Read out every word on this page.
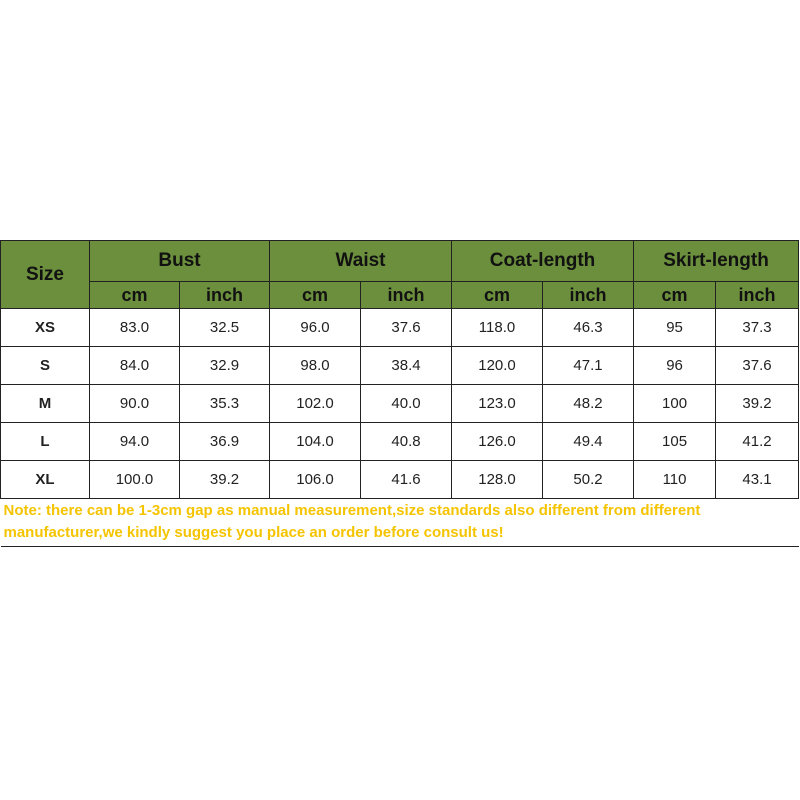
Size	Bust		Waist		Coat-length		Skirt-length	
	cm	inch	cm	inch	cm	inch	cm	inch
XS	83.0	32.5	96.0	37.6	118.0	46.3	95	37.3
S	84.0	32.9	98.0	38.4	120.0	47.1	96	37.6
M	90.0	35.3	102.0	40.0	123.0	48.2	100	39.2
L	94.0	36.9	104.0	40.8	126.0	49.4	105	41.2
XL	100.0	39.2	106.0	41.6	128.0	50.2	110	43.1

Note: there can be 1-3cm gap as manual measurement,size standards also different from different
manufacturer,we kindly suggest you place an order before consult us!								
